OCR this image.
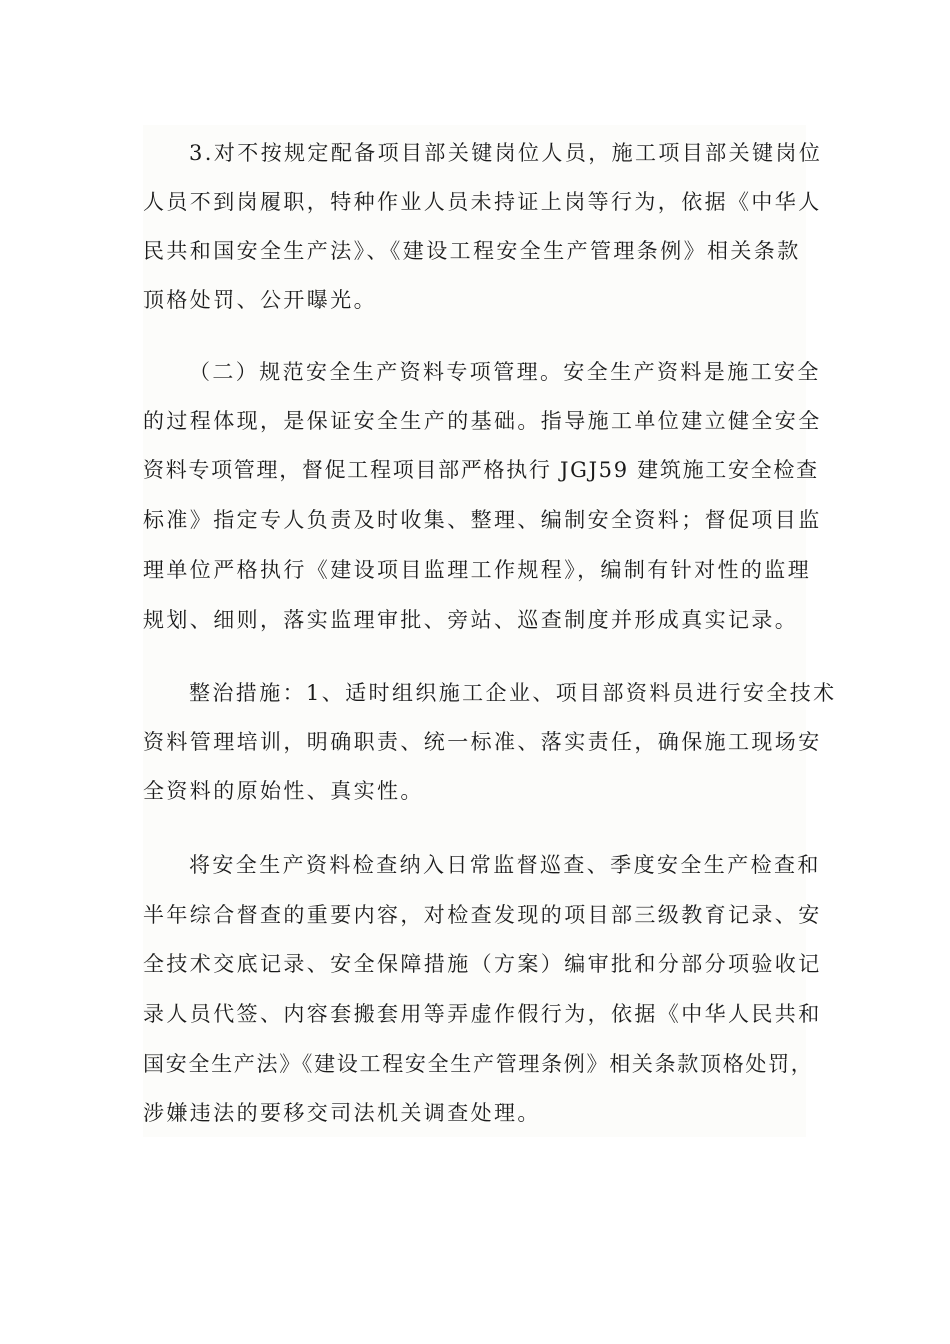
3.对不按规定配备项目部关键岗位人员，施工项目部关键岗位
人员不到岗履职，特种作业人员未持证上岗等行为，依据《中华人
民共和国安全生产法》、《建设工程安全生产管理条例》相关条款
顶格处罚、公开曝光。
（二）规范安全生产资料专项管理。安全生产资料是施工安全
的过程体现，是保证安全生产的基础。指导施工单位建立健全安全
资料专项管理，督促工程项目部严格执行 JGJ59 建筑施工安全检查
标准》指定专人负责及时收集、整理、编制安全资料；督促项目监
理单位严格执行《建设项目监理工作规程》，编制有针对性的监理
规划、细则，落实监理审批、旁站、巡查制度并形成真实记录。
整治措施：1、适时组织施工企业、项目部资料员进行安全技术
资料管理培训，明确职责、统一标准、落实责任，确保施工现场安
全资料的原始性、真实性。
将安全生产资料检查纳入日常监督巡查、季度安全生产检查和
半年综合督查的重要内容，对检查发现的项目部三级教育记录、安
全技术交底记录、安全保障措施（方案）编审批和分部分项验收记
录人员代签、内容套搬套用等弄虚作假行为，依据《中华人民共和
国安全生产法》《建设工程安全生产管理条例》相关条款顶格处罚，
涉嫌违法的要移交司法机关调查处理。
